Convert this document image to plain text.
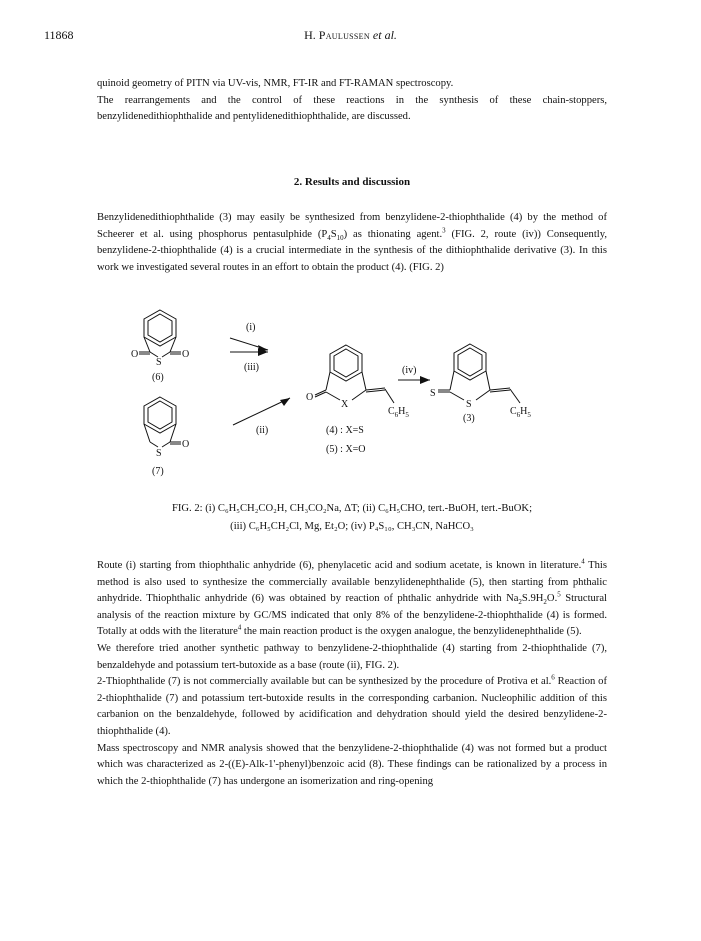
11868	H. Paulussen et al.

quinoid geometry of PITN via UV-vis, NMR, FT-IR and FT-RAMAN spectroscopy.

The rearrangements and the control of these reactions in the synthesis of these chain-stoppers, benzylidenedithiophthalide and pentylidenedithiophthalide, are discussed.

2. Results and discussion

Benzylidenedithiophthalide (3) may easily be synthesized from benzylidene-2-thiophthalide (4) by the method of Scheerer et al. using phosphorus pentasulphide $(P_4S_{10})$ as thionating agent.$^3$ (FIG. 2, route (iv)) Consequently, benzylidene-2-thiophthalide (4) is a crucial intermediate in the synthesis of the dithiophthalide derivative (3). In this work we investigated several routes in an effort to obtain the product (4). (FIG. 2)

(i)
(iii)
(ii)
(iv)
O	O
S
(6)
O
S
(7)
O
X
$C_6H_5$
(4) : X=S
(5) : X=O
S
S
$C_6H_5$
(3)
FIG. 2: (i) C₆H₅CH₂CO₂H, CH₃CO₂Na, ΔT; (ii) C₆H₅CHO, tert.-BuOH, tert.-BuOK;
(iii) C₆H₅CH₂Cl, Mg, Et₂O; (iv) P₄S₁₀, CH₃CN, NaHCO₃

Route (i) starting from thiophthalic anhydride (6), phenylacetic acid and sodium acetate, is known in literature.$^4$ This method is also used to synthesize the commercially available benzylidenephthalide (5), then starting from phthalic anhydride. Thiophthalic anhydride (6) was obtained by reaction of phthalic anhydride with $Na_2S.9H_2O.^5$ Structural analysis of the reaction mixture by GC/MS indicated that only 8% of the benzylidene-2-thiophthalide (4) is formed. Totally at odds with the literature$^4$ the main reaction product is the oxygen analogue, the benzylidenephthalide (5).

We therefore tried another synthetic pathway to benzylidene-2-thiophthalide (4) starting from 2-thiophthalide (7), benzaldehyde and potassium tert-butoxide as a base (route (ii), FIG. 2).

2-Thiophthalide (7) is not commercially available but can be synthesized by the procedure of Protiva et al.$^6$ Reaction of 2-thiophthalide (7) and potassium tert-butoxide results in the corresponding carbanion. Nucleophilic addition of this carbanion on the benzaldehyde, followed by acidification and dehydration should yield the desired benzylidene-2-thiophthalide (4).

Mass spectroscopy and NMR analysis showed that the benzylidene-2-thiophthalide (4) was not formed but a product which was characterized as 2-((E)-Alk-1'-phenyl)benzoic acid (8). These findings can be rationalized by a process in which the 2-thiophthalide (7) has undergone an isomerization and ring-opening
